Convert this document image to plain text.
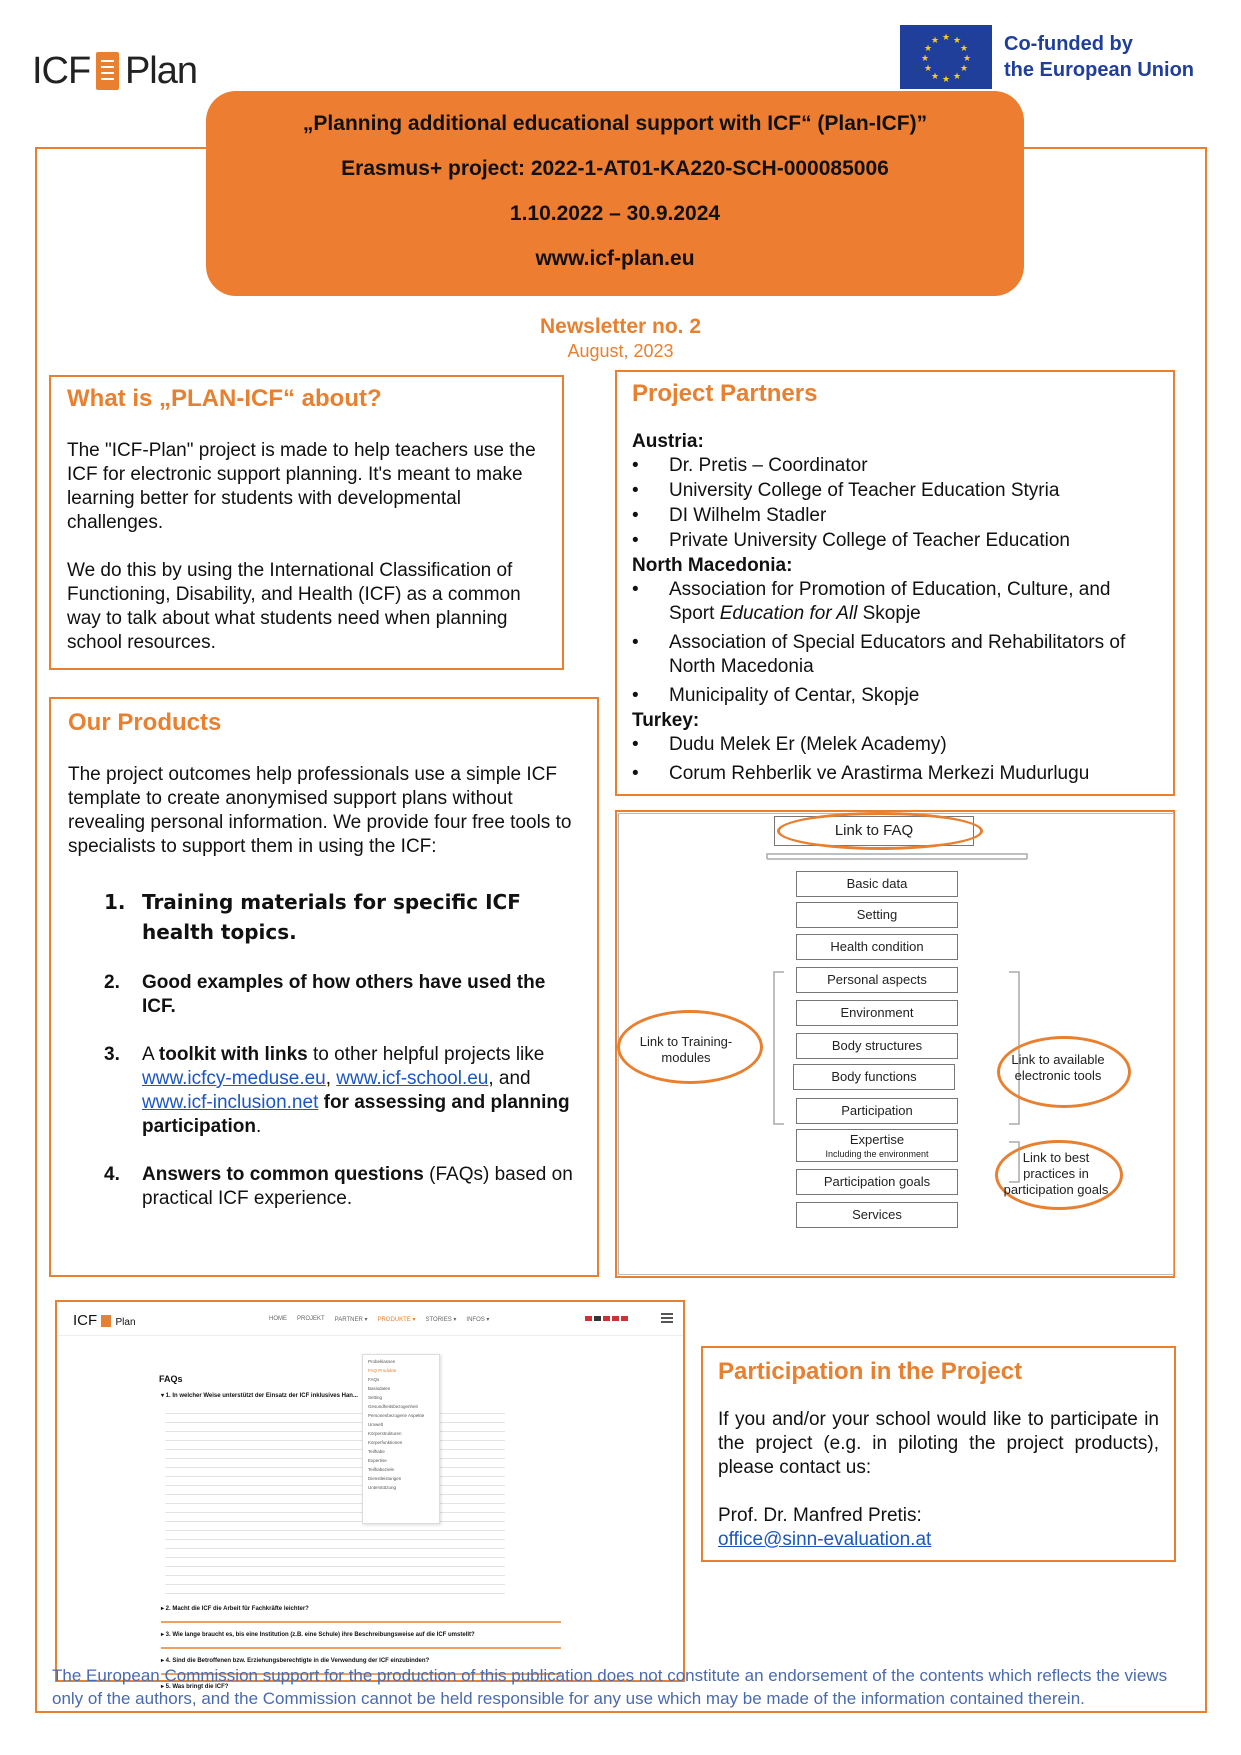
ICF Plan
★ ★
★
★
★
★
★
★
★
★
★
★	Co-funded by
the European Union
„Planning additional educational support with ICF“ (Plan-ICF)”
Erasmus+ project: 2022-1-AT01-KA220-SCH-000085006
1.10.2022 – 30.9.2024
www.icf-plan.eu
Newsletter no. 2
August, 2023
What is „PLAN-ICF“ about?

The "ICF-Plan" project is made to help teachers use the ICF for electronic support planning. It's meant to make learning better for students with developmental challenges.

We do this by using the International Classification of Functioning, Disability, and Health (ICF) as a common way to talk about what students need when planning school resources.

Our Products

The project outcomes help professionals use a simple ICF template to create anonymised support plans without revealing personal information. We provide four free tools to specialists to support them in using the ICF:

1. Training materials for specific ICF health topics.
2.	Good examples of how others have used the ICF.
3.	A toolkit with links to other helpful projects like www.icfcy-meduse.eu, www.icf-school.eu, and www.icf-inclusion.net for assessing and planning participation.
4.	Answers to common questions (FAQs) based on practical ICF experience.
Project Partners
Austria:
•	Dr. Pretis – Coordinator
•	University College of Teacher Education Styria
•	DI Wilhelm Stadler
•	Private University College of Teacher Education
North Macedonia:
•	Association for Promotion of Education, Culture, and Sport Education for All Skopje
•	Association of Special Educators and Rehabilitators of North Macedonia
•	Municipality of Centar, Skopje
Turkey:
•	Dudu Melek Er (Melek Academy)
•	Corum Rehberlik ve Arastirma Merkezi Mudurlugu
Link to FAQ
Basic data
Setting
Health condition
Personal aspects
Environment
Body structures
Body functions
Participation
Expertise
Including the environment
Participation goals
Services
Link to Training-modules	Link to available electronic tools
Link to best practices in participation goals
ICF Plan	HOME PROJEKT PARTNER ▾ PRODUKTE ▾ STORIES ▾ INFOS ▾
FAQs
▾ 1. In welcher Weise unterstützt der Einsatz der ICF inklusives Han...
▸ 2. Macht die ICF die Arbeit für Fachkräfte leichter?
▸ 3. Wie lange braucht es, bis eine Institution (z.B. eine Schule) ihre Beschreibungsweise auf die ICF umstellt?
▸ 4. Sind die Betroffenen bzw. Erziehungsberechtigte in die Verwendung der ICF einzubinden?
▸ 5. Was bringt die ICF?
Probeklassen
FAQ Produkte
FAQs
Basisdaten
Setting
Gesundheitsbezogenheit
Personenbezogene Aspekte
Umwelt
Körperstrukturen
Körperfunktionen
Teilhabe
Expertise
Teilhabeziele
Dienstleistungen
Unterstützung
Participation in the Project

If you and/or your school would like to participate in the project (e.g. in piloting the project products), please contact us:

Prof. Dr. Manfred Pretis:

office@sinn-evaluation.at

The European Commission support for the production of this publication does not constitute an endorsement of the contents which reflects the views only of the authors, and the Commission cannot be held responsible for any use which may be made of the information contained therein.
